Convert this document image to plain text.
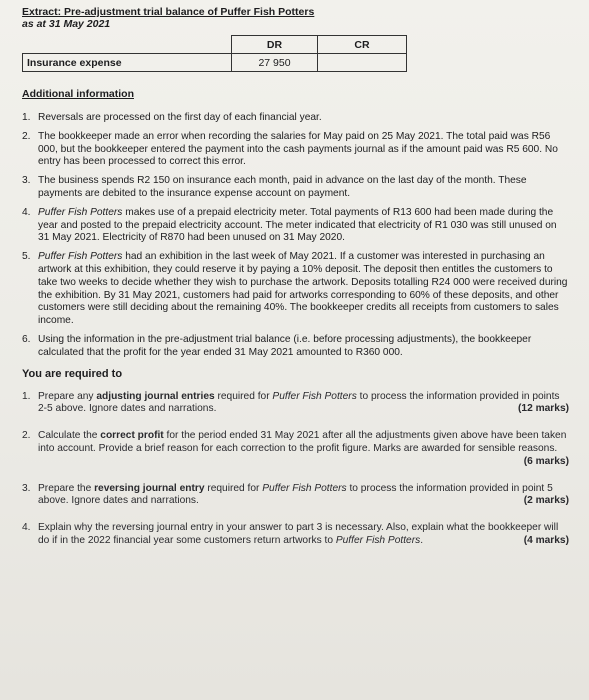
Extract: Pre-adjustment trial balance of Puffer Fish Potters
as at 31 May 2021
	DR	CR
Insurance expense	27 950	
Additional information
1. Reversals are processed on the first day of each financial year.
2. The bookkeeper made an error when recording the salaries for May paid on 25 May 2021. The total paid was R56 000, but the bookkeeper entered the payment into the cash payments journal as if the amount paid was R5 600. No entry has been processed to correct this error.
3. The business spends R2 150 on insurance each month, paid in advance on the last day of the month. These payments are debited to the insurance expense account on payment.
4. Puffer Fish Potters makes use of a prepaid electricity meter. Total payments of R13 600 had been made during the year and posted to the prepaid electricity account. The meter indicated that electricity of R1 030 was still unused on 31 May 2021. Electricity of R870 had been unused on 31 May 2020.
5. Puffer Fish Potters had an exhibition in the last week of May 2021. If a customer was interested in purchasing an artwork at this exhibition, they could reserve it by paying a 10% deposit. The deposit then entitles the customers to take two weeks to decide whether they wish to purchase the artwork. Deposits totalling R24 000 were received during the exhibition. By 31 May 2021, customers had paid for artworks corresponding to 60% of these deposits, and other customers were still deciding about the remaining 40%. The bookkeeper credits all receipts from customers to sales income.
6. Using the information in the pre-adjustment trial balance (i.e. before processing adjustments), the bookkeeper calculated that the profit for the year ended 31 May 2021 amounted to R360 000.
You are required to
1. Prepare any adjusting journal entries required for Puffer Fish Potters to process the information provided in points 2-5 above. Ignore dates and narrations.	(12 marks)
2. Calculate the correct profit for the period ended 31 May 2021 after all the adjustments given above have been taken into account. Provide a brief reason for each correction to the profit figure. Marks are awarded for sensible reasons.
(6 marks)
3. Prepare the reversing journal entry required for Puffer Fish Potters to process the information provided in point 5 above. Ignore dates and narrations.	(2 marks)
4. Explain why the reversing journal entry in your answer to part 3 is necessary. Also, explain what the bookkeeper will do if in the 2022 financial year some customers return artworks to Puffer Fish Potters.	(4 marks)
